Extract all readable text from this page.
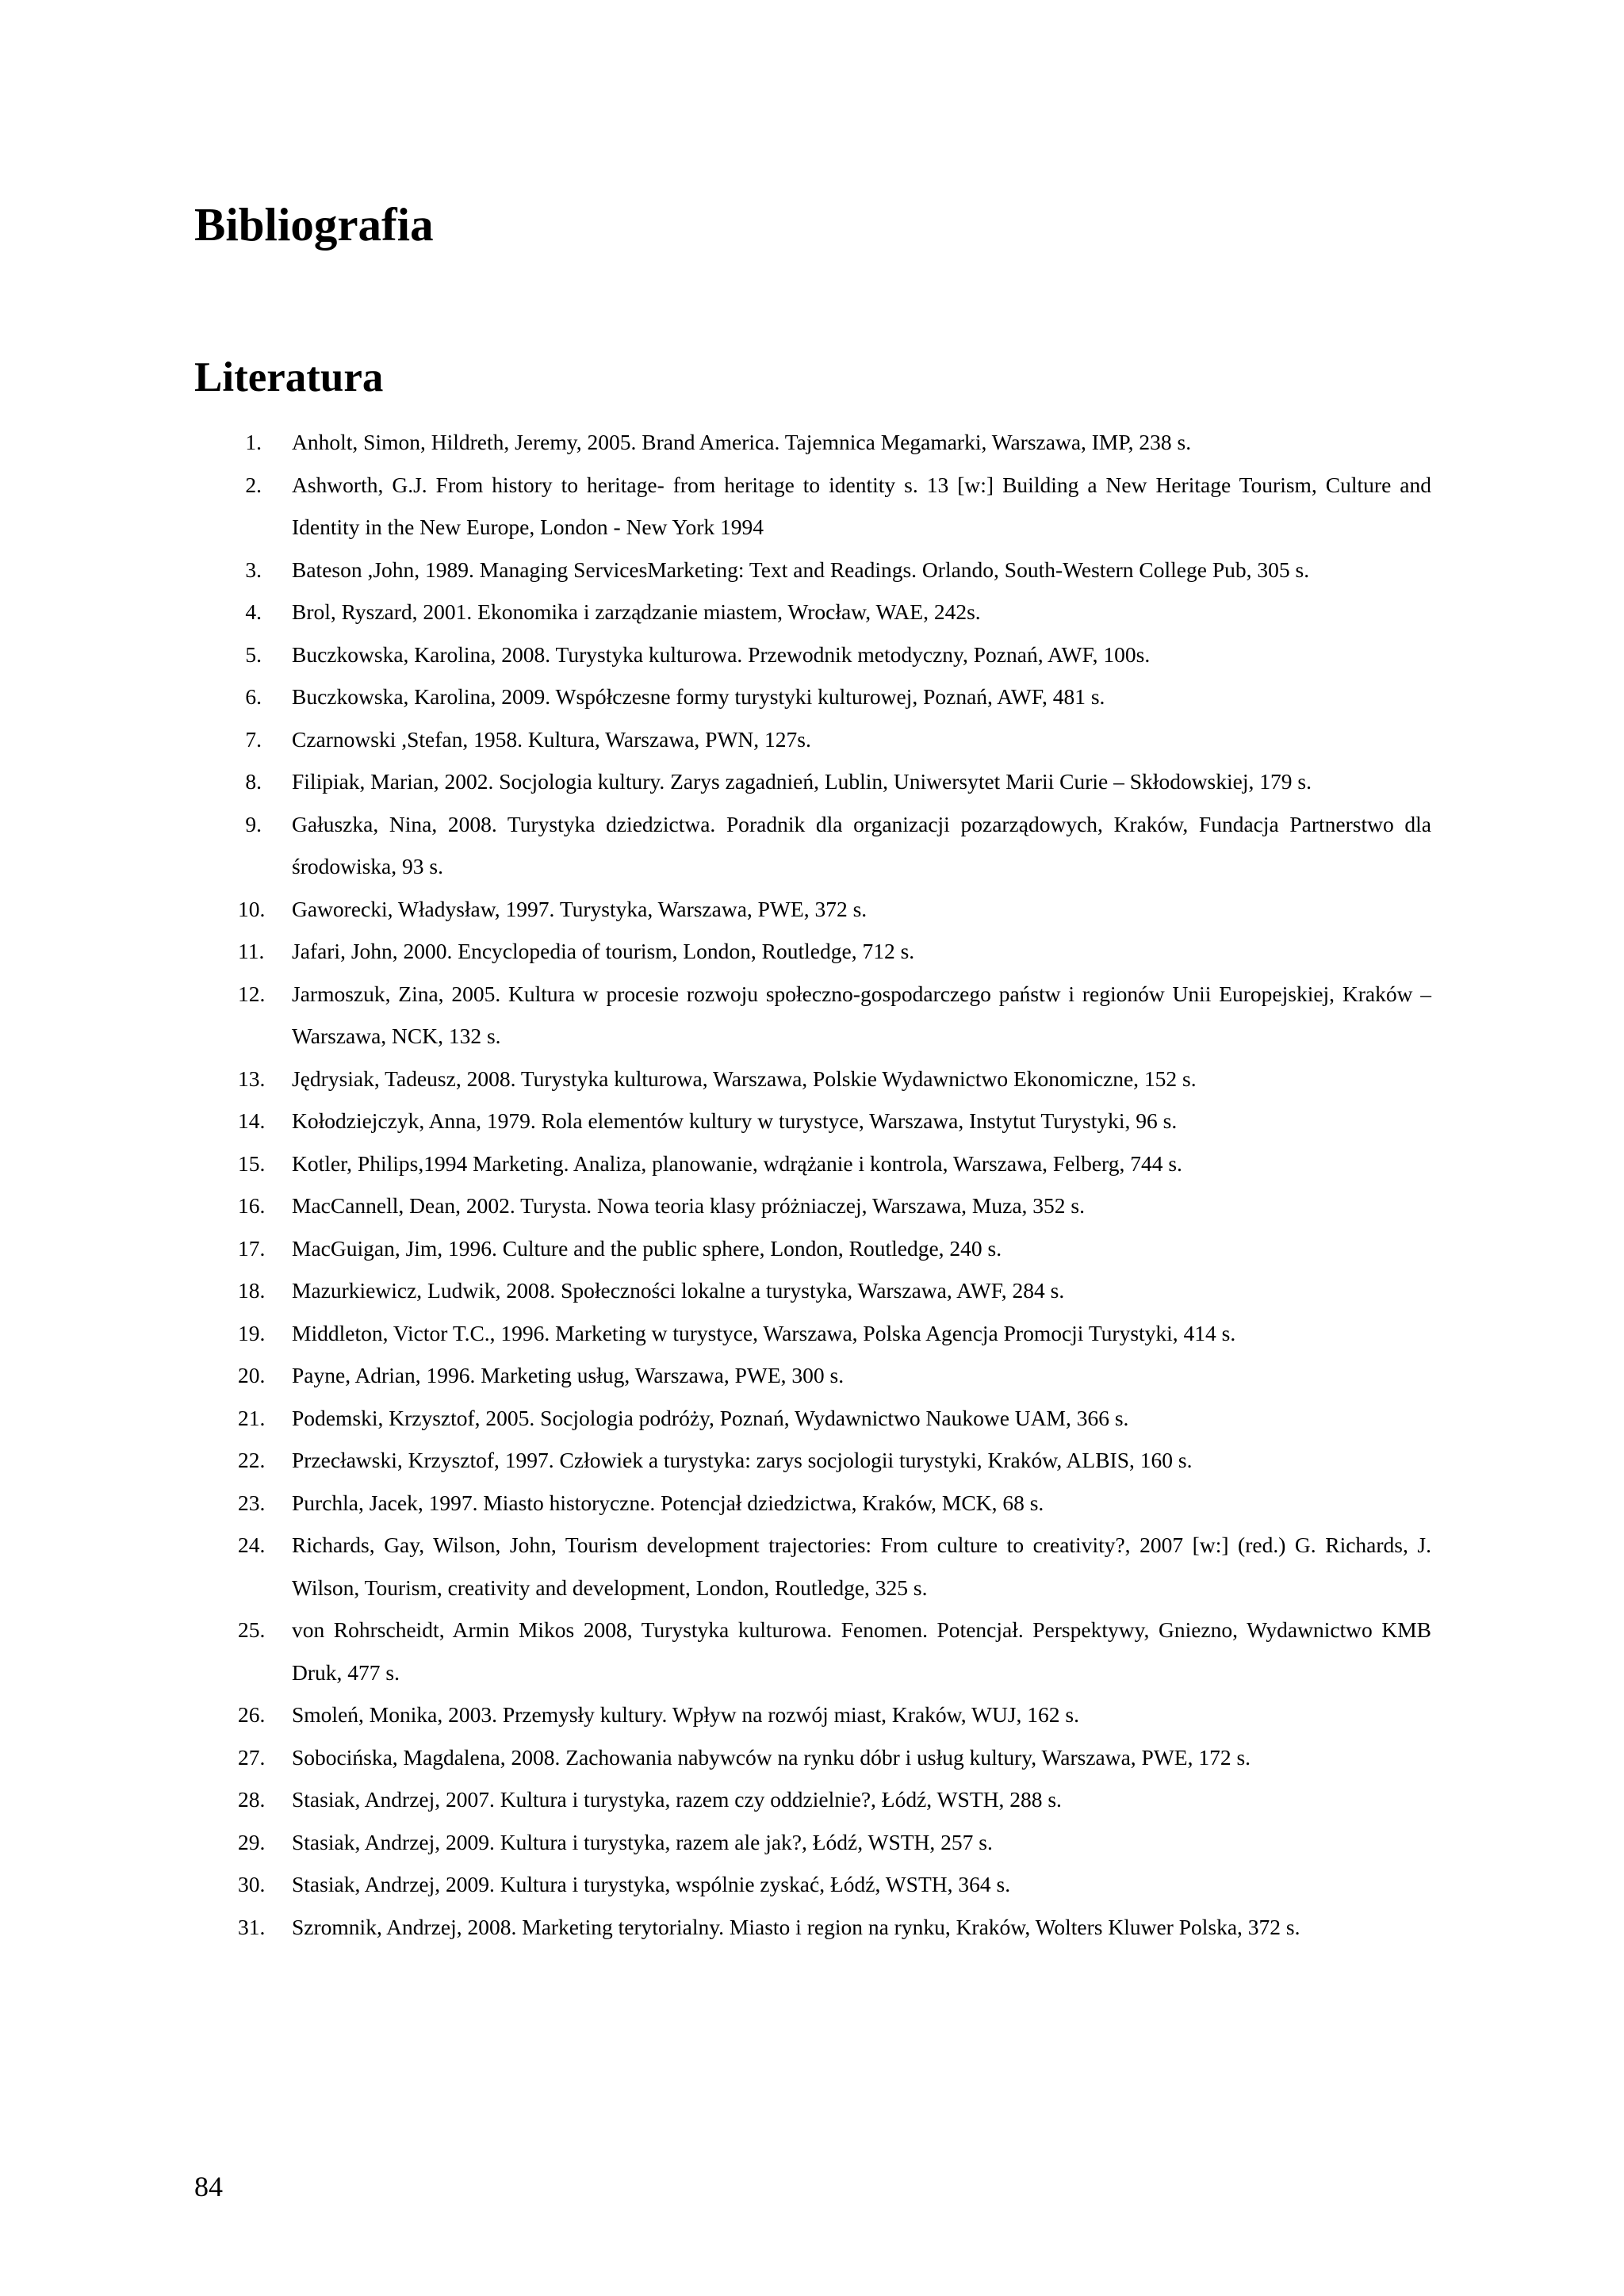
Bibliografia
Literatura
1. Anholt, Simon, Hildreth, Jeremy, 2005. Brand America. Tajemnica Megamarki, Warszawa, IMP, 238 s.
2. Ashworth, G.J. From history to heritage- from heritage to identity s. 13 [w:] Building a New Heritage Tourism, Culture and Identity in the New Europe, London - New York 1994
3. Bateson ,John, 1989. Managing ServicesMarketing: Text and Readings. Orlando, South-Western College Pub, 305 s.
4. Brol, Ryszard, 2001. Ekonomika i zarządzanie miastem, Wrocław, WAE, 242s.
5. Buczkowska, Karolina, 2008. Turystyka kulturowa. Przewodnik metodyczny, Poznań, AWF, 100s.
6. Buczkowska, Karolina, 2009. Współczesne formy turystyki kulturowej, Poznań, AWF, 481 s.
7. Czarnowski ,Stefan, 1958. Kultura, Warszawa, PWN, 127s.
8. Filipiak, Marian, 2002. Socjologia kultury. Zarys zagadnień, Lublin, Uniwersytet Marii Curie – Skłodowskiej, 179 s.
9. Gałuszka, Nina, 2008. Turystyka dziedzictwa. Poradnik dla organizacji pozarządowych, Kraków, Fundacja Partnerstwo dla środowiska, 93 s.
10. Gaworecki, Władysław, 1997. Turystyka, Warszawa, PWE, 372 s.
11. Jafari, John, 2000. Encyclopedia of tourism, London, Routledge, 712 s.
12. Jarmoszuk, Zina, 2005. Kultura w procesie rozwoju społeczno-gospodarczego państw i regionów Unii Europejskiej, Kraków – Warszawa, NCK, 132 s.
13. Jędrysiak, Tadeusz, 2008. Turystyka kulturowa, Warszawa, Polskie Wydawnictwo Ekonomiczne, 152 s.
14. Kołodziejczyk, Anna, 1979. Rola elementów kultury w turystyce, Warszawa, Instytut Turystyki, 96 s.
15. Kotler, Philips,1994 Marketing. Analiza, planowanie, wdrążanie i kontrola, Warszawa, Felberg, 744 s.
16. MacCannell, Dean, 2002. Turysta. Nowa teoria klasy próżniaczej, Warszawa, Muza, 352 s.
17. MacGuigan, Jim, 1996. Culture and the public sphere, London, Routledge, 240 s.
18. Mazurkiewicz, Ludwik, 2008. Społeczności lokalne a turystyka, Warszawa, AWF, 284 s.
19. Middleton, Victor T.C., 1996. Marketing w turystyce, Warszawa, Polska Agencja Promocji Turystyki, 414 s.
20. Payne, Adrian, 1996. Marketing usług, Warszawa, PWE, 300 s.
21. Podemski, Krzysztof, 2005. Socjologia podróży, Poznań, Wydawnictwo Naukowe UAM, 366 s.
22. Przecławski, Krzysztof, 1997. Człowiek a turystyka: zarys socjologii turystyki, Kraków, ALBIS, 160 s.
23. Purchla, Jacek, 1997. Miasto historyczne. Potencjał dziedzictwa, Kraków, MCK, 68 s.
24. Richards, Gay, Wilson, John, Tourism development trajectories: From culture to creativity?, 2007 [w:] (red.) G. Richards, J. Wilson, Tourism, creativity and development, London, Routledge, 325 s.
25. von Rohrscheidt, Armin Mikos 2008, Turystyka kulturowa. Fenomen. Potencjał. Perspektywy, Gniezno, Wydawnictwo KMB Druk, 477 s.
26. Smoleń, Monika, 2003. Przemysły kultury. Wpływ na rozwój miast, Kraków, WUJ, 162 s.
27. Sobocińska, Magdalena, 2008. Zachowania nabywców na rynku dóbr i usług kultury, Warszawa, PWE, 172 s.
28. Stasiak, Andrzej, 2007. Kultura i turystyka, razem czy oddzielnie?, Łódź, WSTH, 288 s.
29. Stasiak, Andrzej, 2009. Kultura i turystyka, razem ale jak?, Łódź, WSTH, 257 s.
30. Stasiak, Andrzej, 2009. Kultura i turystyka, wspólnie zyskać, Łódź, WSTH, 364 s.
31. Szromnik, Andrzej, 2008. Marketing terytorialny. Miasto i region na rynku, Kraków, Wolters Kluwer Polska, 372 s.
84
